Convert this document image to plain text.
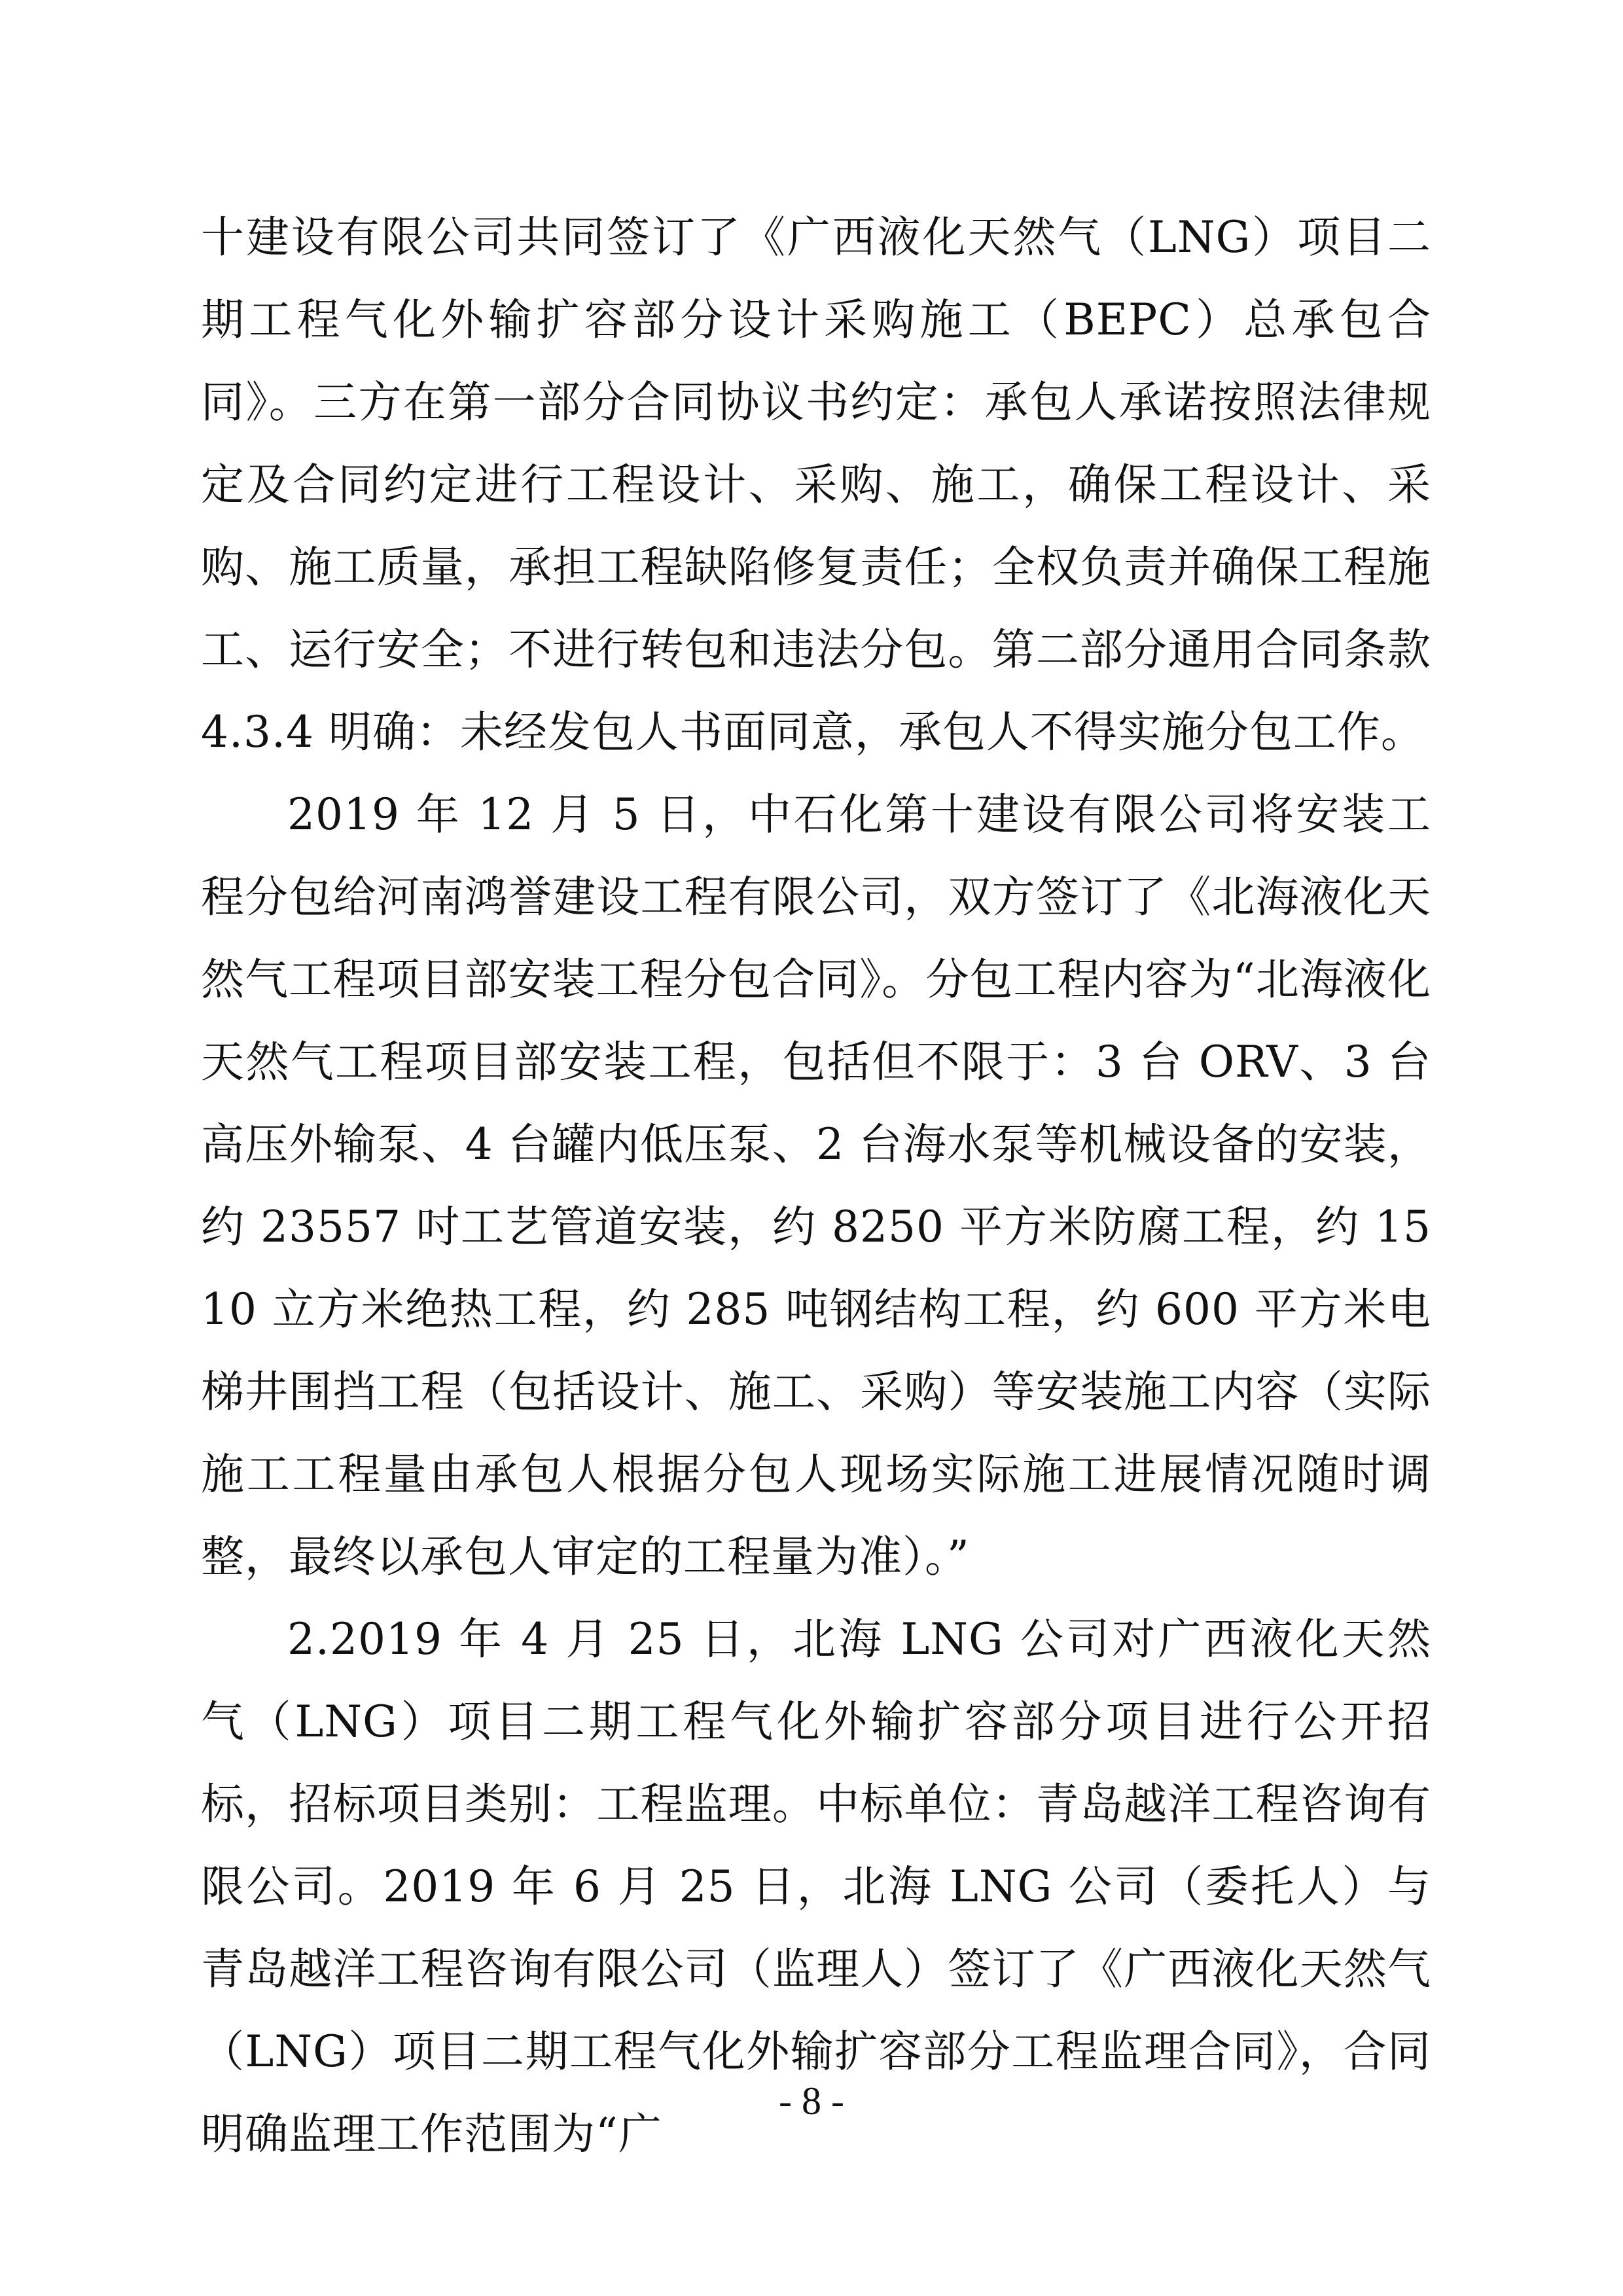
十建设有限公司共同签订了《广西液化天然气（LNG）项目二期工程气化外输扩容部分设计采购施工（BEPC）总承包合同》。三方在第一部分合同协议书约定：承包人承诺按照法律规定及合同约定进行工程设计、采购、施工，确保工程设计、采购、施工质量，承担工程缺陷修复责任；全权负责并确保工程施工、运行安全；不进行转包和违法分包。第二部分通用合同条款 4.3.4 明确：未经发包人书面同意，承包人不得实施分包工作。

2019 年 12 月 5 日，中石化第十建设有限公司将安装工程分包给河南鸿誉建设工程有限公司，双方签订了《北海液化天然气工程项目部安装工程分包合同》。分包工程内容为“北海液化天然气工程项目部安装工程，包括但不限于：3 台 ORV、3 台高压外输泵、4 台罐内低压泵、2 台海水泵等机械设备的安装，约 23557 吋工艺管道安装，约 8250 平方米防腐工程，约 1510 立方米绝热工程，约 285 吨钢结构工程，约 600 平方米电梯井围挡工程（包括设计、施工、采购）等安装施工内容（实际施工工程量由承包人根据分包人现场实际施工进展情况随时调整，最终以承包人审定的工程量为准）。”

2.2019 年 4 月 25 日，北海 LNG 公司对广西液化天然气（LNG）项目二期工程气化外输扩容部分项目进行公开招标，招标项目类别：工程监理。中标单位：青岛越洋工程咨询有限公司。2019 年 6 月 25 日，北海 LNG 公司（委托人）与青岛越洋工程咨询有限公司（监理人）签订了《广西液化天然气（LNG）项目二期工程气化外输扩容部分工程监理合同》，合同明确监理工作范围为“广

- 8 -
